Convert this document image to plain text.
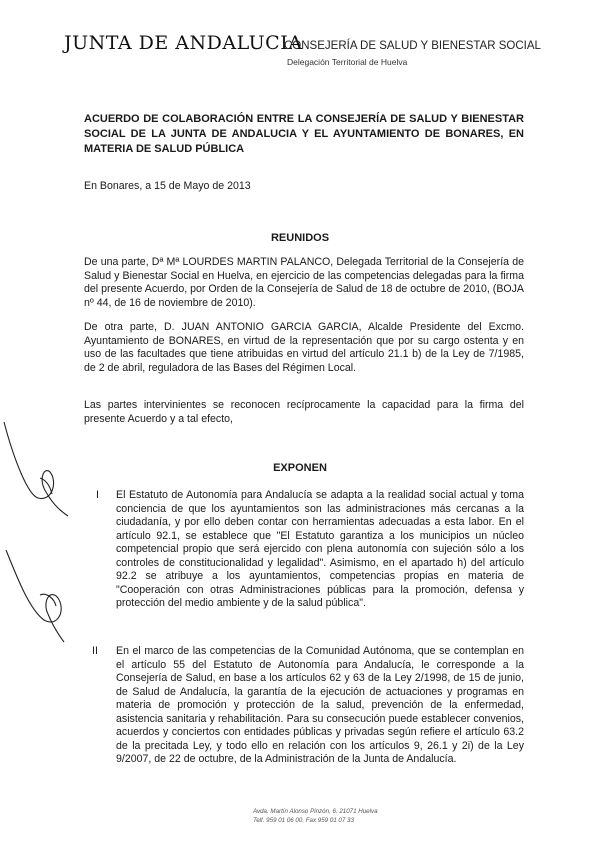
JUNTA DE ANDALUCIA
CONSEJERÍA DE SALUD Y BIENESTAR SOCIAL
Delegación Territorial de Huelva
ACUERDO DE COLABORACIÓN ENTRE LA CONSEJERÍA DE SALUD Y BIENESTAR SOCIAL DE LA JUNTA DE ANDALUCIA Y EL AYUNTAMIENTO DE BONARES, EN MATERIA DE SALUD PÚBLICA
En Bonares, a 15 de Mayo de 2013
REUNIDOS
De una parte, Dª Mª LOURDES MARTIN PALANCO, Delegada Territorial de la Consejería de Salud y Bienestar Social en Huelva, en ejercicio de las competencias delegadas para la firma del presente Acuerdo, por Orden de la Consejería de Salud de 18 de octubre de 2010, (BOJA nº 44, de 16 de noviembre de 2010).
De otra parte, D. JUAN ANTONIO GARCIA GARCIA, Alcalde Presidente del Excmo. Ayuntamiento de BONARES, en virtud de la representación que por su cargo ostenta y en uso de las facultades que tiene atribuidas en virtud del artículo 21.1 b) de la Ley de 7/1985, de 2 de abril, reguladora de las Bases del Régimen Local.
Las partes intervinientes se reconocen recíprocamente la capacidad para la firma del presente Acuerdo y a tal efecto,
EXPONEN
I El Estatuto de Autonomía para Andalucía se adapta a la realidad social actual y toma conciencia de que los ayuntamientos son las administraciones más cercanas a la ciudadanía, y por ello deben contar con herramientas adecuadas a esta labor. En el artículo 92.1, se establece que "El Estatuto garantiza a los municipios un núcleo competencial propio que será ejercido con plena autonomía con sujeción sólo a los controles de constitucionalidad y legalidad". Asimismo, en el apartado h) del artículo 92.2 se atribuye a los ayuntamientos, competencias propias en materia de "Cooperación con otras Administraciones públicas para la promoción, defensa y protección del medio ambiente y de la salud pública".
II En el marco de las competencias de la Comunidad Autónoma, que se contemplan en el artículo 55 del Estatuto de Autonomía para Andalucía, le corresponde a la Consejería de Salud, en base a los artículos 62 y 63 de la Ley 2/1998, de 15 de junio, de Salud de Andalucía, la garantía de la ejecución de actuaciones y programas en materia de promoción y protección de la salud, prevención de la enfermedad, asistencia sanitaria y rehabilitación. Para su consecución puede establecer convenios, acuerdos y conciertos con entidades públicas y privadas según refiere el artículo 63.2 de la precitada Ley, y todo ello en relación con los artículos 9, 26.1 y 2i) de la Ley 9/2007, de 22 de octubre, de la Administración de la Junta de Andalucía.
Avda. Martín Alonso Pinzón, 6. 21071 Huelva
Telf. 959 01 06 00. Fax 959 01 07 33
